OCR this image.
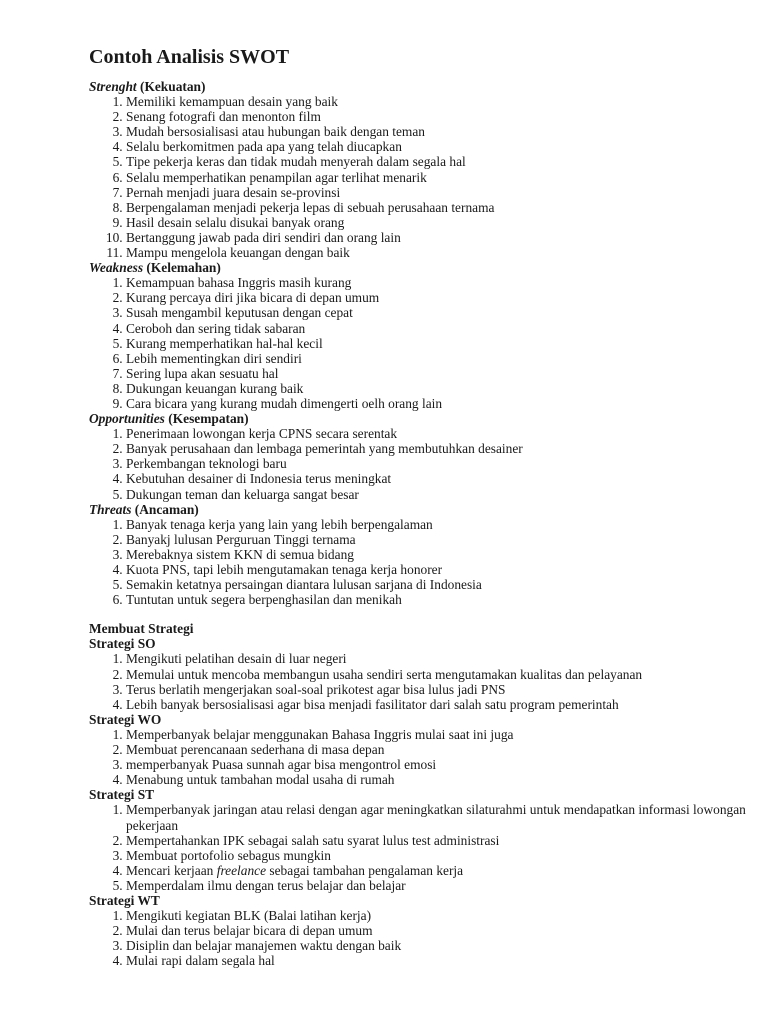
Contoh Analisis SWOT
Strenght (Kekuatan)
1. Memiliki kemampuan desain yang baik
2. Senang fotografi dan menonton film
3. Mudah bersosialisasi atau hubungan baik dengan teman
4. Selalu berkomitmen pada apa yang telah diucapkan
5. Tipe pekerja keras dan tidak mudah menyerah dalam segala hal
6. Selalu memperhatikan penampilan agar terlihat menarik
7. Pernah menjadi juara desain se-provinsi
8. Berpengalaman menjadi pekerja lepas di sebuah perusahaan ternama
9. Hasil desain selalu disukai banyak orang
10. Bertanggung jawab pada diri sendiri dan orang lain
11. Mampu mengelola keuangan dengan baik
Weakness (Kelemahan)
1. Kemampuan bahasa Inggris masih kurang
2. Kurang percaya diri jika bicara di depan umum
3. Susah mengambil keputusan dengan cepat
4. Ceroboh dan sering tidak sabaran
5. Kurang memperhatikan hal-hal kecil
6. Lebih mementingkan diri sendiri
7. Sering lupa akan sesuatu hal
8. Dukungan keuangan kurang baik
9. Cara bicara yang kurang mudah dimengerti oelh orang lain
Opportunities (Kesempatan)
1. Penerimaan lowongan kerja CPNS secara serentak
2. Banyak perusahaan dan lembaga pemerintah yang membutuhkan desainer
3. Perkembangan teknologi baru
4. Kebutuhan desainer di Indonesia terus meningkat
5. Dukungan teman dan keluarga sangat besar
Threats (Ancaman)
1. Banyak tenaga kerja yang lain yang lebih berpengalaman
2. Banyakj lulusan Perguruan Tinggi ternama
3. Merebaknya sistem KKN di semua bidang
4. Kuota PNS, tapi lebih mengutamakan tenaga kerja honorer
5. Semakin ketatnya persaingan diantara lulusan sarjana di Indonesia
6. Tuntutan untuk segera berpenghasilan dan menikah
Membuat Strategi
Strategi SO
1. Mengikuti pelatihan desain di luar negeri
2. Memulai untuk mencoba membangun usaha sendiri serta mengutamakan kualitas dan pelayanan
3. Terus berlatih mengerjakan soal-soal prikotest agar bisa lulus jadi PNS
4. Lebih banyak bersosialisasi agar bisa menjadi fasilitator dari salah satu program pemerintah
Strategi WO
1. Memperbanyak belajar menggunakan Bahasa Inggris mulai saat ini juga
2. Membuat perencanaan sederhana di masa depan
3. memperbanyak Puasa sunnah agar bisa mengontrol emosi
4. Menabung untuk tambahan modal usaha di rumah
Strategi ST
1. Memperbanyak jaringan atau relasi dengan agar meningkatkan silaturahmi untuk mendapatkan informasi lowongan pekerjaan
2. Mempertahankan IPK sebagai salah satu syarat lulus test administrasi
3. Membuat portofolio sebagus mungkin
4. Mencari kerjaan freelance sebagai tambahan pengalaman kerja
5. Memperdalam ilmu dengan terus belajar dan belajar
Strategi WT
1. Mengikuti kegiatan BLK (Balai latihan kerja)
2. Mulai dan terus belajar bicara di depan umum
3. Disiplin dan belajar manajemen waktu dengan baik
4. Mulai rapi dalam segala hal
